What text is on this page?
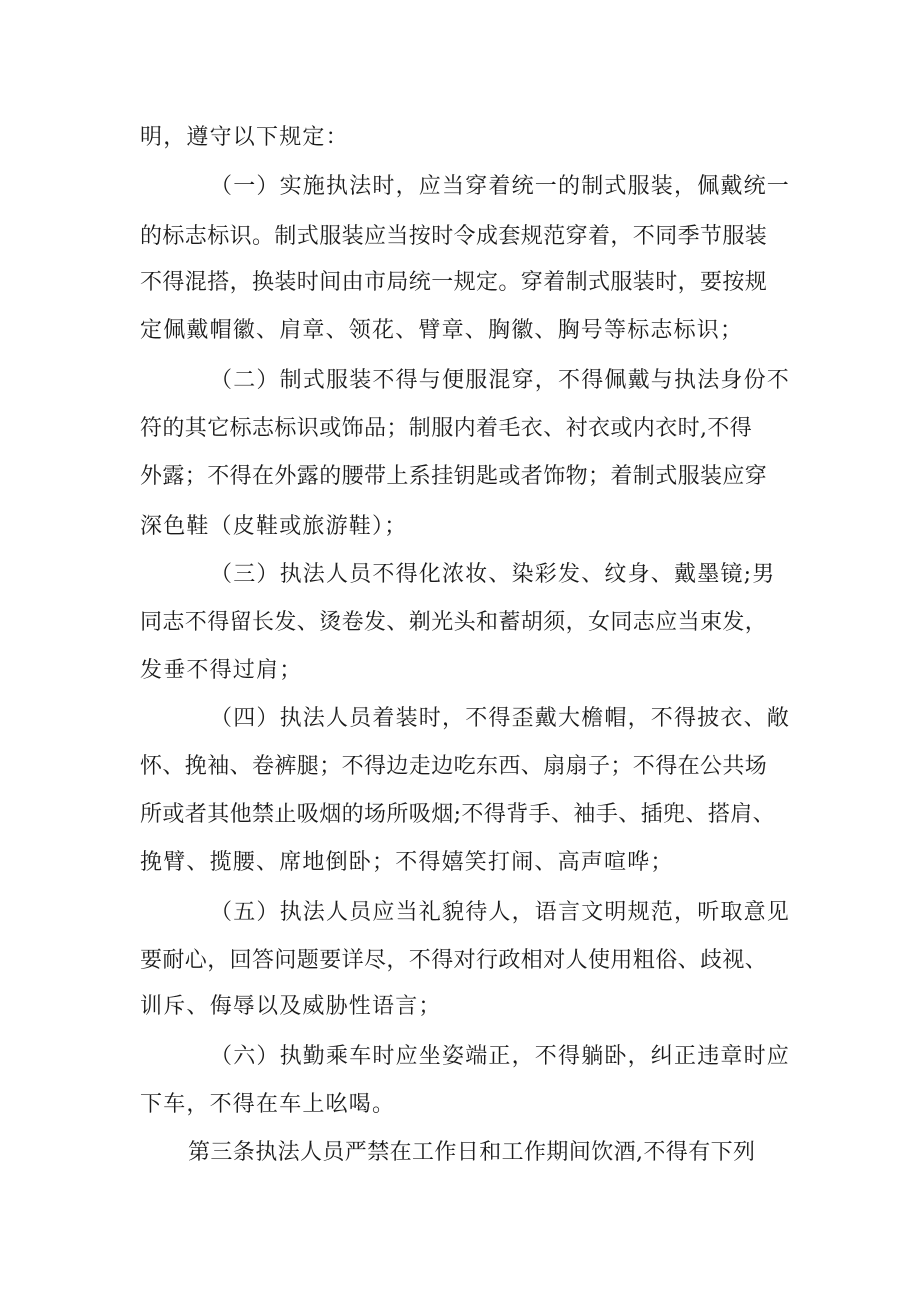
明，遵守以下规定：
（一）实施执法时，应当穿着统一的制式服装，佩戴统一
的标志标识。制式服装应当按时令成套规范穿着，不同季节服装
不得混搭，换装时间由市局统一规定。穿着制式服装时，要按规
定佩戴帽徽、肩章、领花、臂章、胸徽、胸号等标志标识；
（二）制式服装不得与便服混穿，不得佩戴与执法身份不
符的其它标志标识或饰品；制服内着毛衣、衬衣或内衣时,不得
外露；不得在外露的腰带上系挂钥匙或者饰物；着制式服装应穿
深色鞋（皮鞋或旅游鞋）；
（三）执法人员不得化浓妆、染彩发、纹身、戴墨镜;男
同志不得留长发、烫卷发、剃光头和蓄胡须，女同志应当束发，
发垂不得过肩；
（四）执法人员着装时，不得歪戴大檐帽，不得披衣、敞
怀、挽袖、卷裤腿；不得边走边吃东西、扇扇子；不得在公共场
所或者其他禁止吸烟的场所吸烟;不得背手、袖手、插兜、搭肩、
挽臂、揽腰、席地倒卧；不得嬉笑打闹、高声喧哗；
（五）执法人员应当礼貌待人，语言文明规范，听取意见
要耐心，回答问题要详尽，不得对行政相对人使用粗俗、歧视、
训斥、侮辱以及威胁性语言；
（六）执勤乘车时应坐姿端正，不得躺卧，纠正违章时应
下车，不得在车上吆喝。
第三条执法人员严禁在工作日和工作期间饮酒,不得有下列
